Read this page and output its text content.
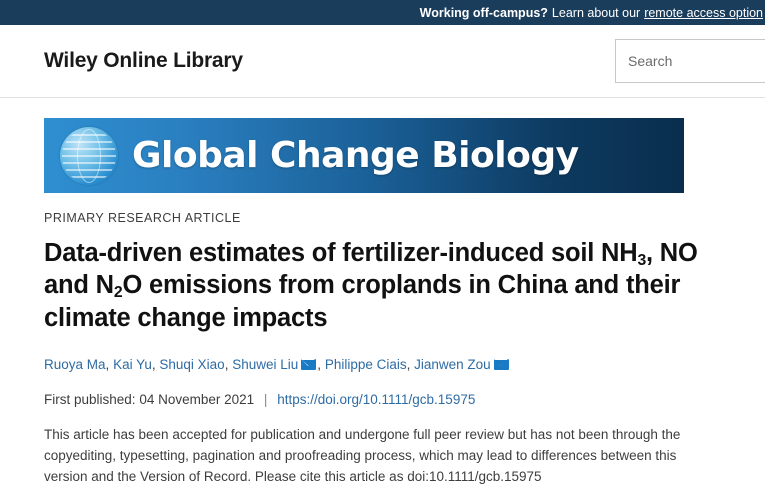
Working off-campus? Learn about our remote access option
Wiley Online Library
Search
Global Change Biology
PRIMARY RESEARCH ARTICLE
Data-driven estimates of fertilizer-induced soil $NH_3$, NO and $N_2O$ emissions from croplands in China and their climate change impacts
Ruoya Ma, Kai Yu, Shuqi Xiao, Shuwei Liu , Philippe Ciais, Jianwen Zou
First published: 04 November 2021 | https://doi.org/10.1111/gcb.15975
This article has been accepted for publication and undergone full peer review but has not been through the copyediting, typesetting, pagination and proofreading process, which may lead to differences between this version and the Version of Record. Please cite this article as doi:10.1111/gcb.15975
